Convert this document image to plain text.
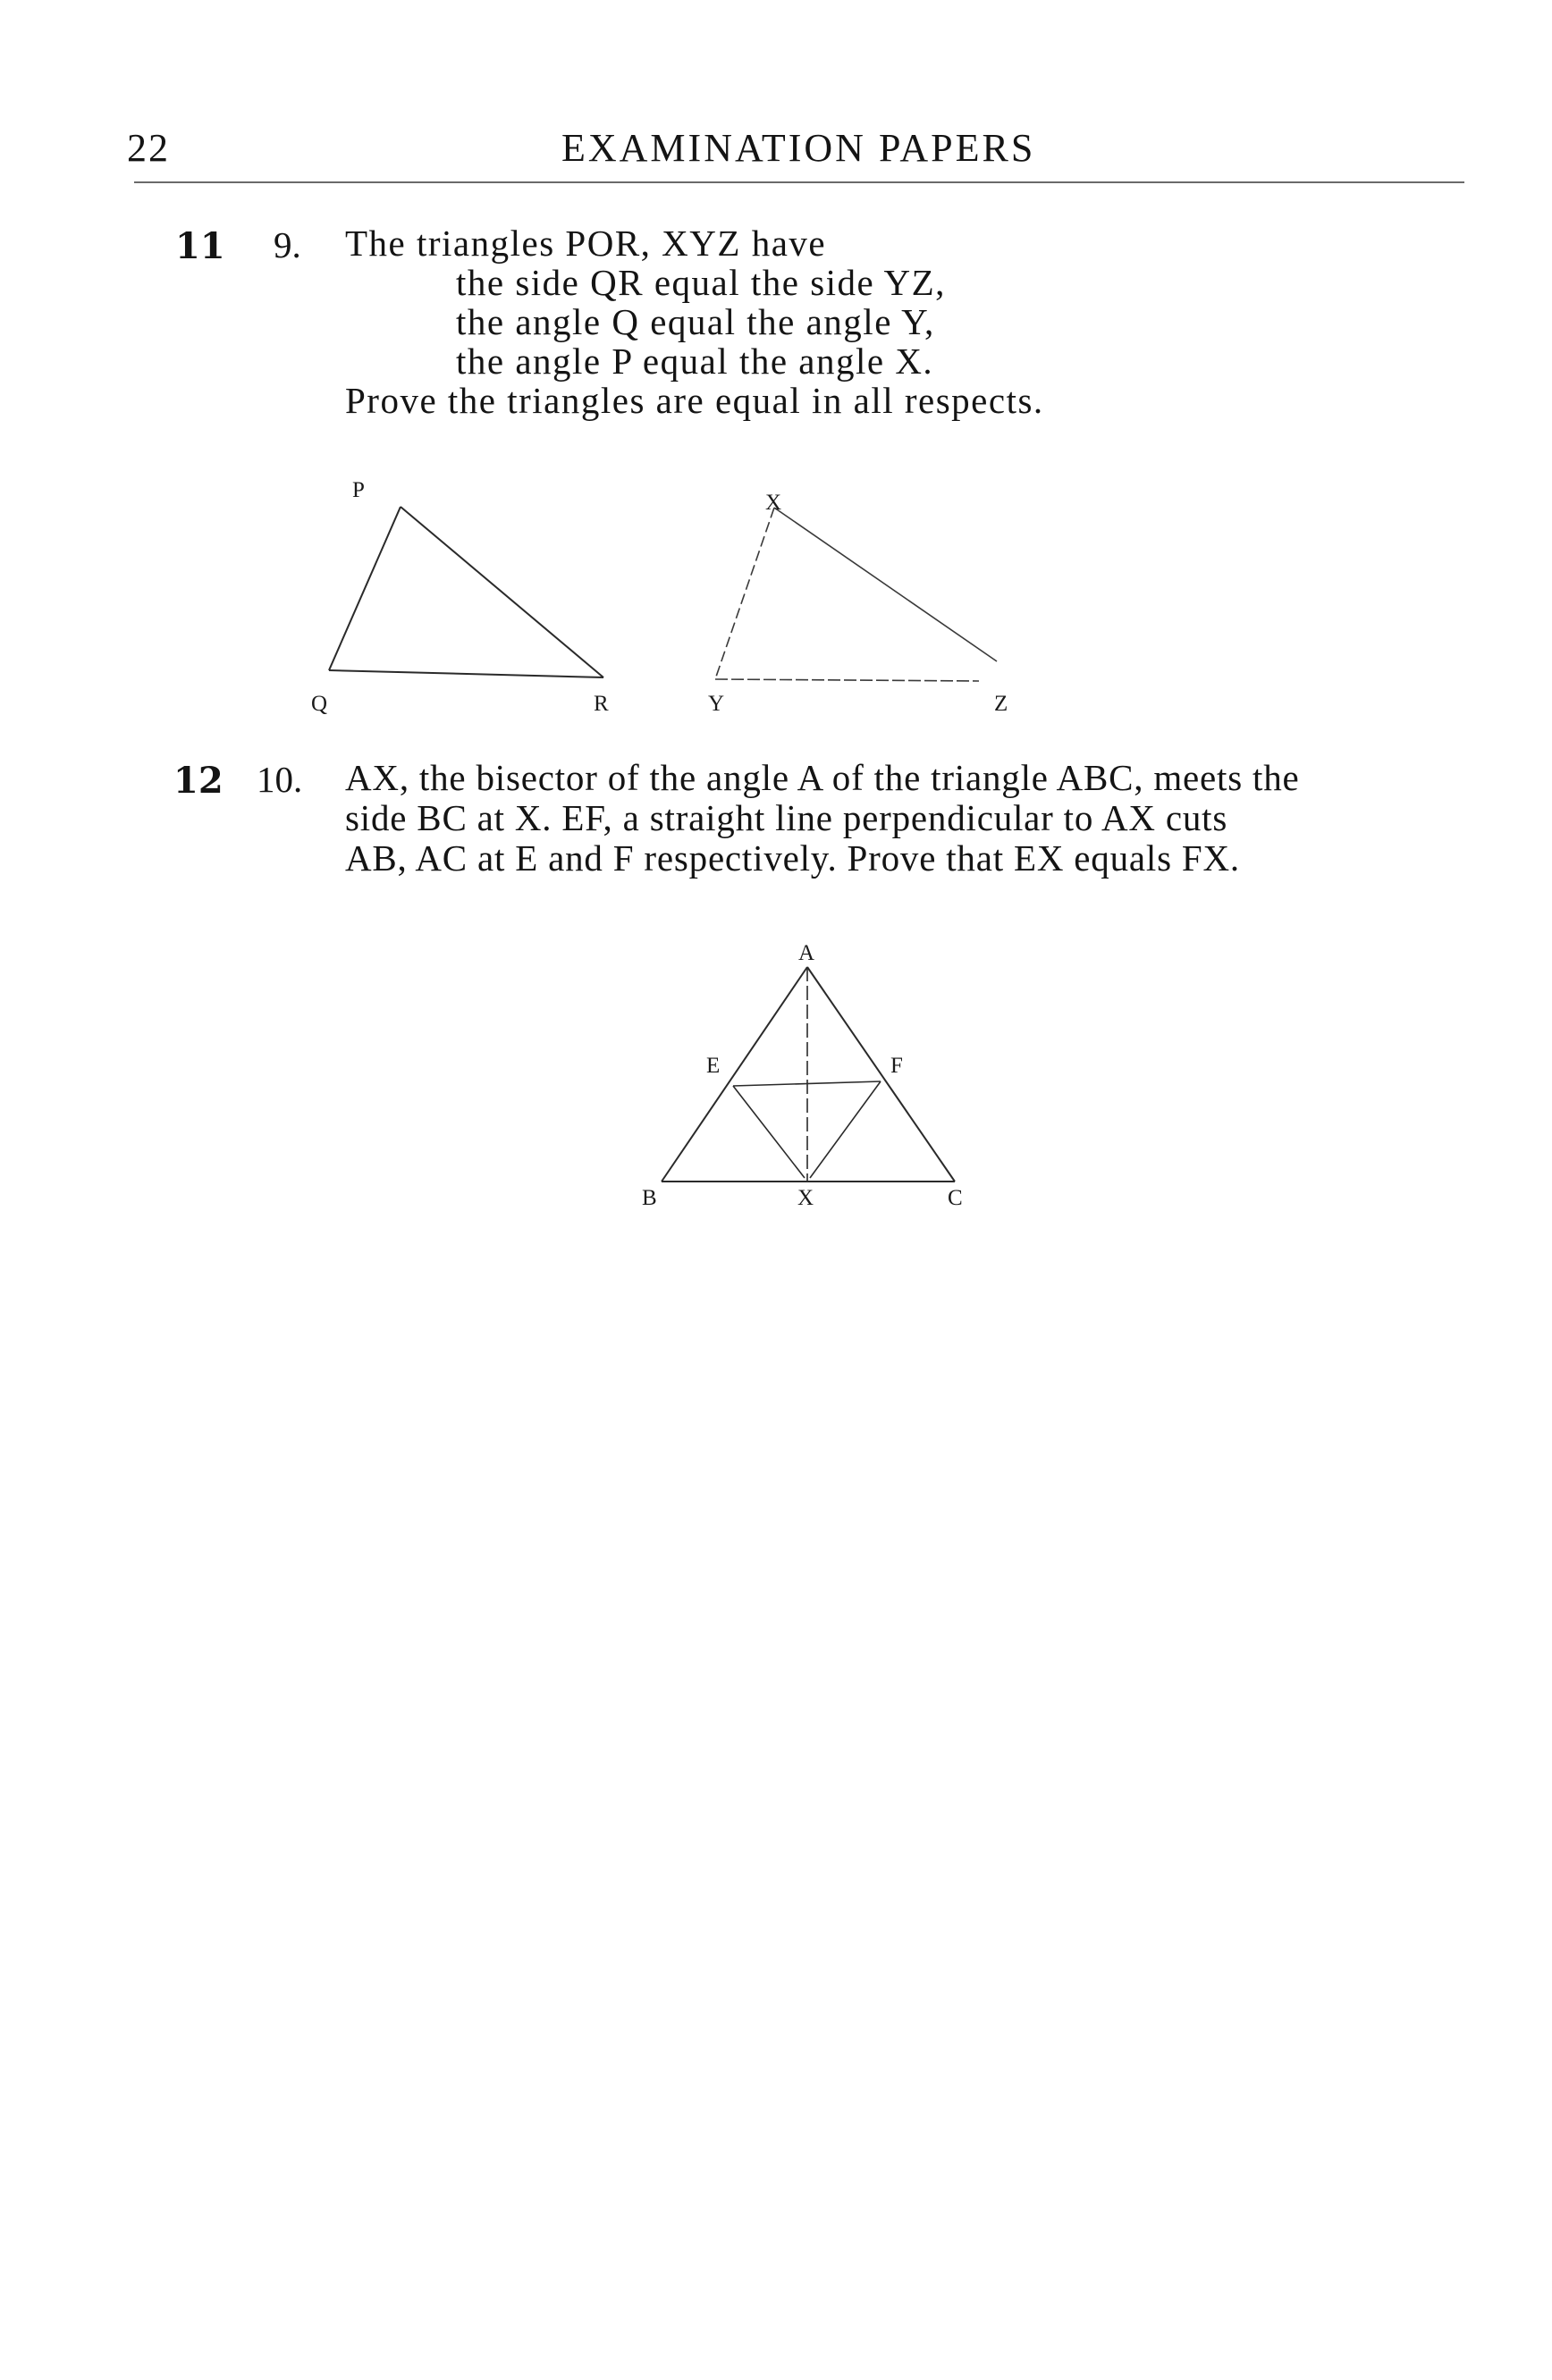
22	EXAMINATION PAPERS
11 9. The triangles POR, XYZ have
the side QR equal the side YZ,
the angle Q equal the angle Y,
the angle P equal the angle X.
Prove the triangles are equal in all respects.
12 10. AX, the bisector of the angle A of the triangle ABC, meets the
side BC at X. EF, a straight line perpendicular to AX cuts
AB, AC at E and F respectively. Prove that EX equals FX.
P
Q	R
X
Y	Z
A
B	C
E	F
X
